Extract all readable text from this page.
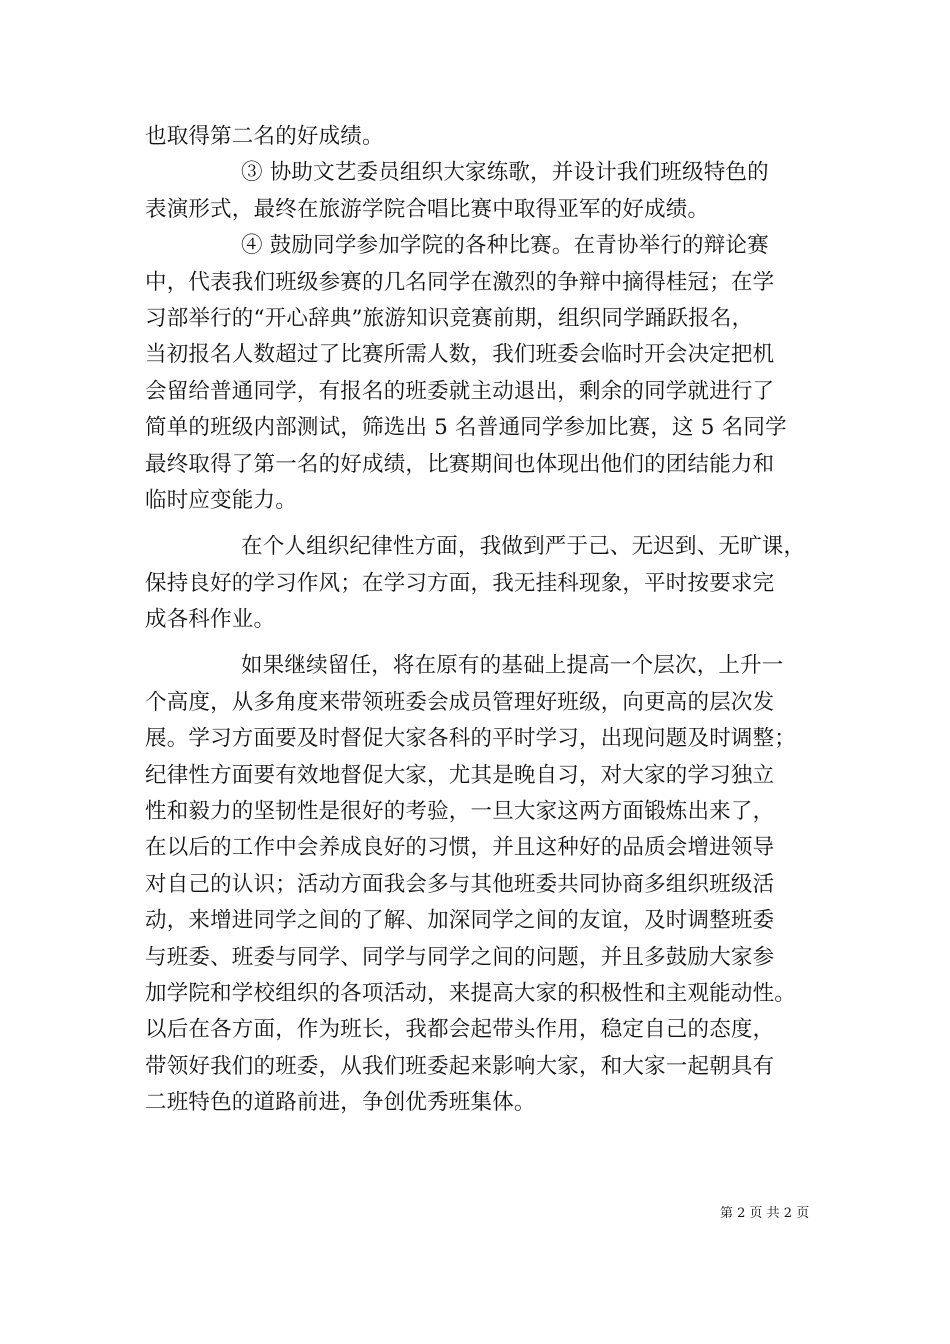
也取得第二名的好成绩。
③ 协助文艺委员组织大家练歌，并设计我们班级特色的
表演形式，最终在旅游学院合唱比赛中取得亚军的好成绩。
④ 鼓励同学参加学院的各种比赛。在青协举行的辩论赛
中，代表我们班级参赛的几名同学在激烈的争辩中摘得桂冠；在学
习部举行的“开心辞典”旅游知识竞赛前期，组织同学踊跃报名，
当初报名人数超过了比赛所需人数，我们班委会临时开会决定把机
会留给普通同学，有报名的班委就主动退出，剩余的同学就进行了
简单的班级内部测试，筛选出 5 名普通同学参加比赛，这 5 名同学
最终取得了第一名的好成绩，比赛期间也体现出他们的团结能力和
临时应变能力。
在个人组织纪律性方面，我做到严于己、无迟到、无旷课，
保持良好的学习作风；在学习方面，我无挂科现象，平时按要求完
成各科作业。
如果继续留任，将在原有的基础上提高一个层次，上升一
个高度，从多角度来带领班委会成员管理好班级，向更高的层次发
展。学习方面要及时督促大家各科的平时学习，出现问题及时调整；
纪律性方面要有效地督促大家，尤其是晚自习，对大家的学习独立
性和毅力的坚韧性是很好的考验，一旦大家这两方面锻炼出来了，
在以后的工作中会养成良好的习惯，并且这种好的品质会增进领导
对自己的认识；活动方面我会多与其他班委共同协商多组织班级活
动，来增进同学之间的了解、加深同学之间的友谊，及时调整班委
与班委、班委与同学、同学与同学之间的问题，并且多鼓励大家参
加学院和学校组织的各项活动，来提高大家的积极性和主观能动性。
以后在各方面，作为班长，我都会起带头作用，稳定自己的态度，
带领好我们的班委，从我们班委起来影响大家，和大家一起朝具有
二班特色的道路前进，争创优秀班集体。
第 2 页 共 2 页
